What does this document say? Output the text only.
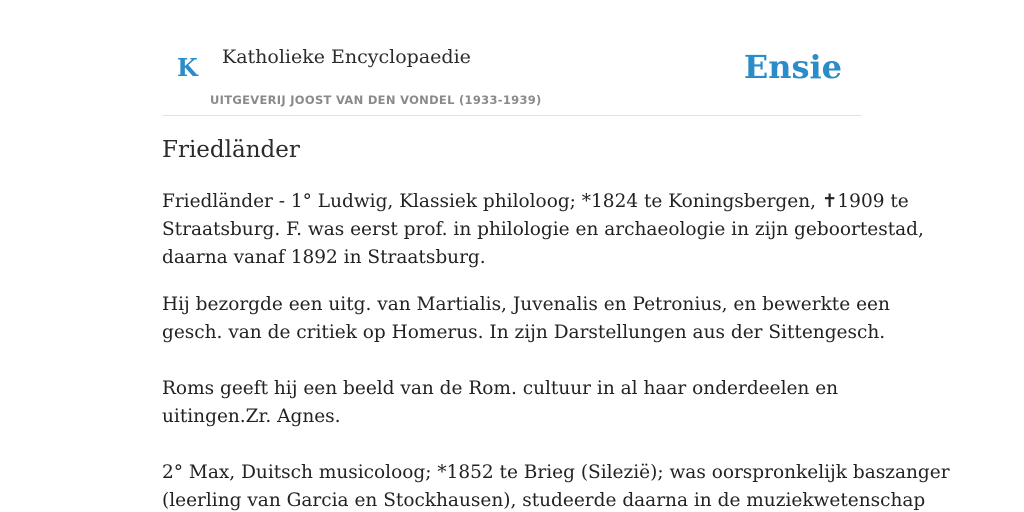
K Katholieke Encyclopaedie
UITGEVERIJ JOOST VAN DEN VONDEL (1933-1939)
Ensie
Friedländer

Friedländer - 1° Ludwig, Klassiek philoloog; *1824 te Koningsbergen, ✝1909 te
Straatsburg. F. was eerst prof. in philologie en archaeologie in zijn geboortestad,
daarna vanaf 1892 in Straatsburg.

Hij bezorgde een uitg. van Martialis, Juvenalis en Petronius, en bewerkte een
gesch. van de critiek op Homerus. In zijn Darstellungen aus der Sittengesch.

Roms geeft hij een beeld van de Rom. cultuur in al haar onderdeelen en
uitingen.Zr. Agnes.

2° Max, Duitsch musicoloog; *1852 te Brieg (Silezië); was oorspronkelijk baszanger
(leerling van Garcia en Stockhausen), studeerde daarna in de muziekwetenschap
